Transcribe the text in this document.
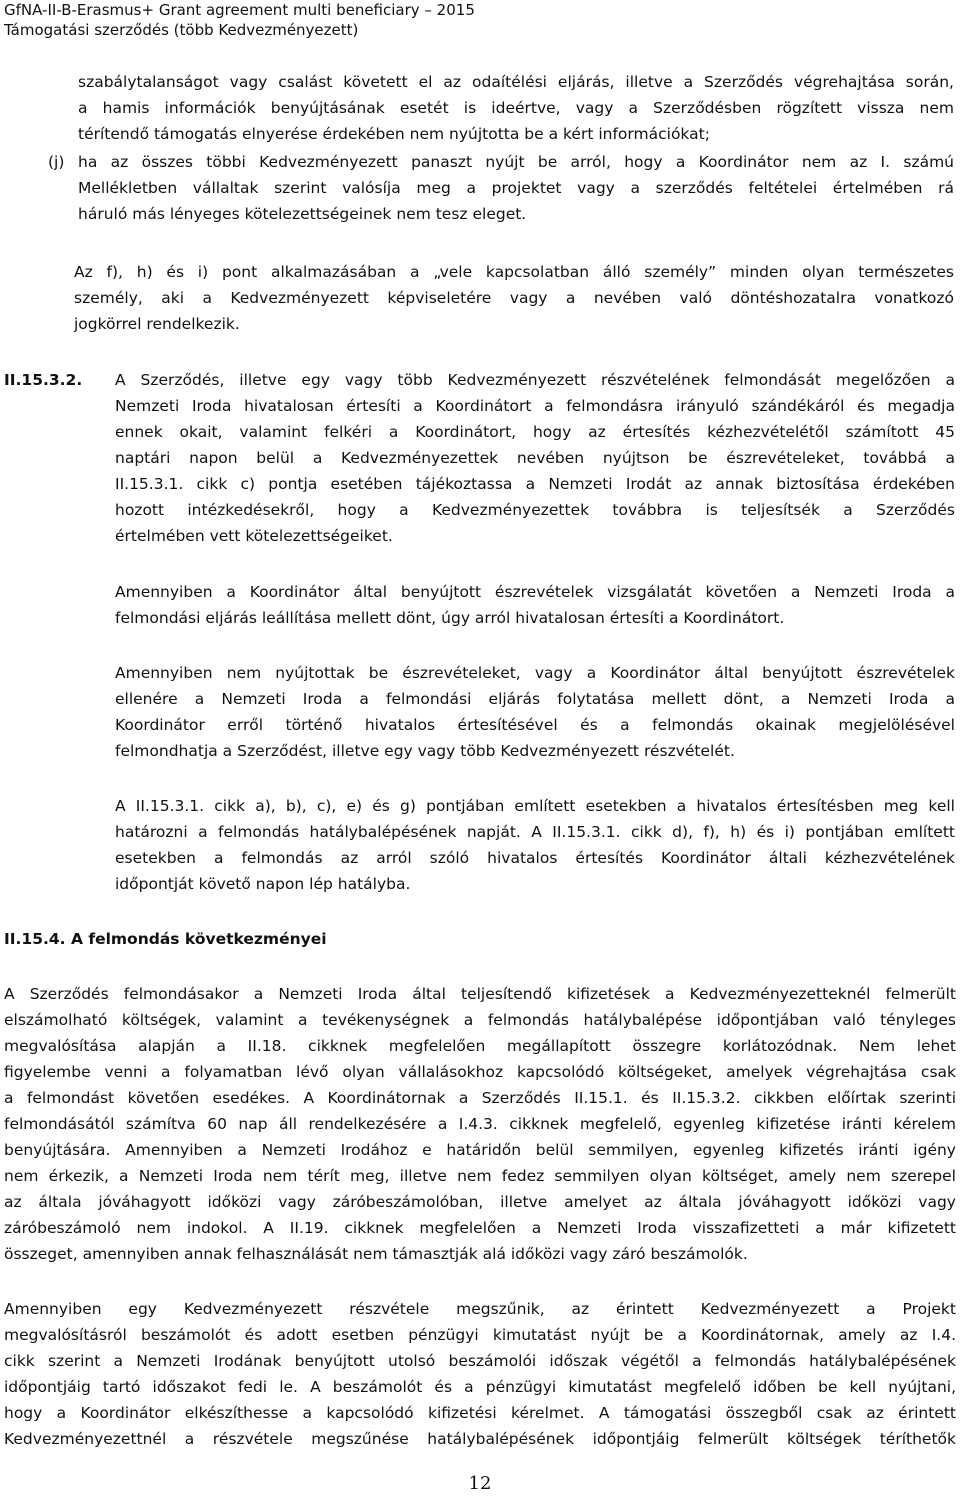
GfNA-II-B-Erasmus+ Grant agreement multi beneficiary – 2015
Támogatási szerződés (több Kedvezményezett)
szabálytalanságot vagy csalást követett el az odaítélési eljárás, illetve a Szerződés végrehajtása során,
a hamis információk benyújtásának esetét is ideértve, vagy a Szerződésben rögzített vissza nem
térítendő támogatás elnyerése érdekében nem nyújtotta be a kért információkat;
(j) ha az összes többi Kedvezményezett panaszt nyújt be arról, hogy a Koordinátor nem az I. számú
Mellékletben vállaltak szerint valósíja meg a projektet vagy a szerződés feltételei értelmében rá
háruló más lényeges kötelezettségeinek nem tesz eleget.
Az f), h) és i) pont alkalmazásában a „vele kapcsolatban álló személy” minden olyan természetes
személy, aki a Kedvezményezett képviseletére vagy a nevében való döntéshozatalra vonatkozó
jogkörrel rendelkezik.
II.15.3.2. A Szerződés, illetve egy vagy több Kedvezményezett részvételének felmondását megelőzően a
Nemzeti Iroda hivatalosan értesíti a Koordinátort a felmondásra irányuló szándékáról és megadja
ennek okait, valamint felkéri a Koordinátort, hogy az értesítés kézhezvételétől számított 45
naptári napon belül a Kedvezményezettek nevében nyújtson be észrevételeket, továbbá a
II.15.3.1. cikk c) pontja esetében tájékoztassa a Nemzeti Irodát az annak biztosítása érdekében
hozott intézkedésekről, hogy a Kedvezményezettek továbbra is teljesítsék a Szerződés
értelmében vett kötelezettségeiket.
Amennyiben a Koordinátor által benyújtott észrevételek vizsgálatát követően a Nemzeti Iroda a
felmondási eljárás leállítása mellett dönt, úgy arról hivatalosan értesíti a Koordinátort.
Amennyiben nem nyújtottak be észrevételeket, vagy a Koordinátor által benyújtott észrevételek
ellenére a Nemzeti Iroda a felmondási eljárás folytatása mellett dönt, a Nemzeti Iroda a
Koordinátor erről történő hivatalos értesítésével és a felmondás okainak megjelölésével
felmondhatja a Szerződést, illetve egy vagy több Kedvezményezett részvételét.
A II.15.3.1. cikk a), b), c), e) és g) pontjában említett esetekben a hivatalos értesítésben meg kell
határozni a felmondás hatálybalépésének napját. A II.15.3.1. cikk d), f), h) és i) pontjában említett
esetekben a felmondás az arról szóló hivatalos értesítés Koordinátor általi kézhezvételének
időpontját követő napon lép hatályba.
II.15.4. A felmondás következményei
A Szerződés felmondásakor a Nemzeti Iroda által teljesítendő kifizetések a Kedvezményezetteknél felmerült
elszámolható költségek, valamint a tevékenységnek a felmondás hatálybalépése időpontjában való tényleges
megvalósítása alapján a II.18. cikknek megfelelően megállapított összegre korlátozódnak. Nem lehet
figyelembe venni a folyamatban lévő olyan vállalásokhoz kapcsolódó költségeket, amelyek végrehajtása csak
a felmondást követően esedékes. A Koordinátornak a Szerződés II.15.1. és II.15.3.2. cikkben előírtak szerinti
felmondásától számítva 60 nap áll rendelkezésére a I.4.3. cikknek megfelelő, egyenleg kifizetése iránti kérelem
benyújtására. Amennyiben a Nemzeti Irodához e határidőn belül semmilyen, egyenleg kifizetés iránti igény
nem érkezik, a Nemzeti Iroda nem térít meg, illetve nem fedez semmilyen olyan költséget, amely nem szerepel
az általa jóváhagyott időközi vagy záróbeszámolóban, illetve amelyet az általa jóváhagyott időközi vagy
záróbeszámoló nem indokol. A II.19. cikknek megfelelően a Nemzeti Iroda visszafizetteti a már kifizetett
összeget, amennyiben annak felhasználását nem támasztják alá időközi vagy záró beszámolók.
Amennyiben egy Kedvezményezett részvétele megszűnik, az érintett Kedvezményezett a Projekt
megvalósításról beszámolót és adott esetben pénzügyi kimutatást nyújt be a Koordinátornak, amely az I.4.
cikk szerint a Nemzeti Irodának benyújtott utolsó beszámolói időszak végétől a felmondás hatálybalépésének
időpontjáig tartó időszakot fedi le. A beszámolót és a pénzügyi kimutatást megfelelő időben be kell nyújtani,
hogy a Koordinátor elkészíthesse a kapcsolódó kifizetési kérelmet. A támogatási összegből csak az érintett
Kedvezményezettnél a részvétele megszűnése hatálybalépésének időpontjáig felmerült költségek téríthetők
12
